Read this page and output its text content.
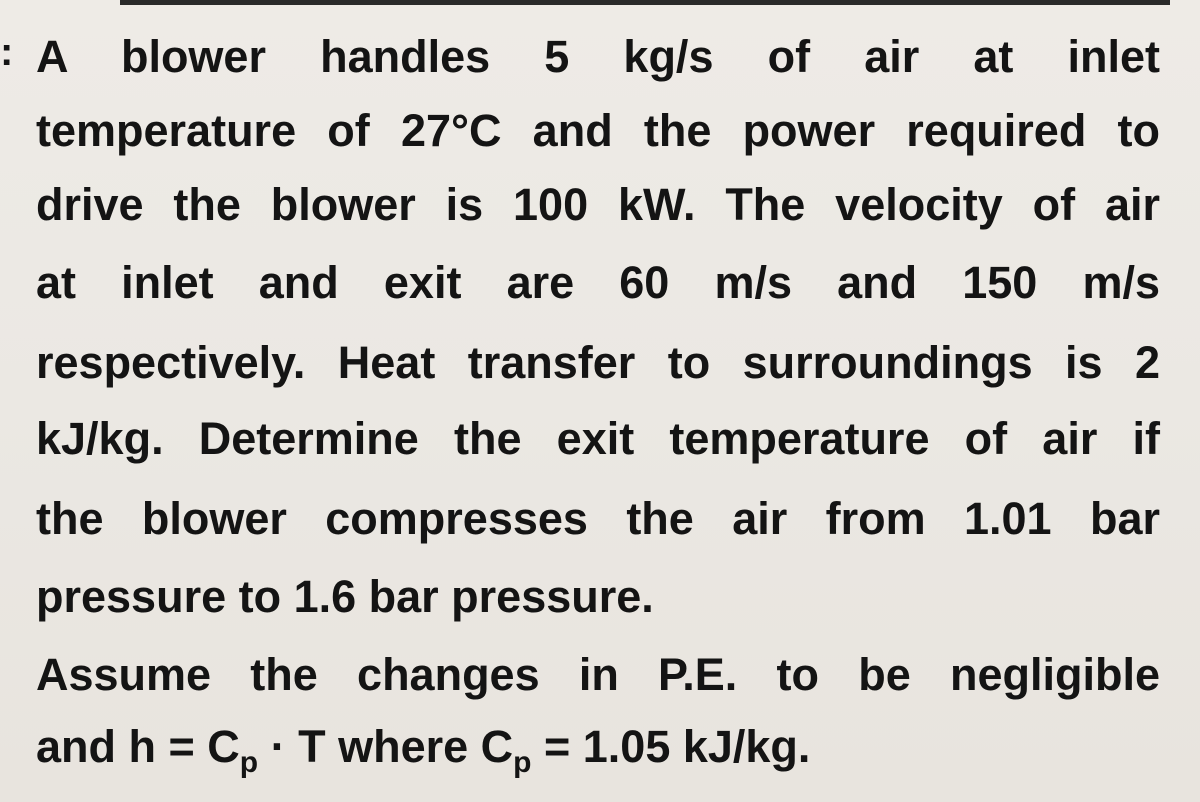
: A blower handles 5 kg/s of air at inlet
temperature of 27°C and the power required to
drive the blower is 100 kW. The velocity of air
at inlet and exit are 60 m/s and 150 m/s
respectively. Heat transfer to surroundings is 2
kJ/kg. Determine the exit temperature of air if
the blower compresses the air from 1.01 bar
pressure to 1.6 bar pressure.
Assume the changes in P.E. to be negligible
and $h = C_p \cdot T$ where $C_p = 1.05$ kJ/kg.
